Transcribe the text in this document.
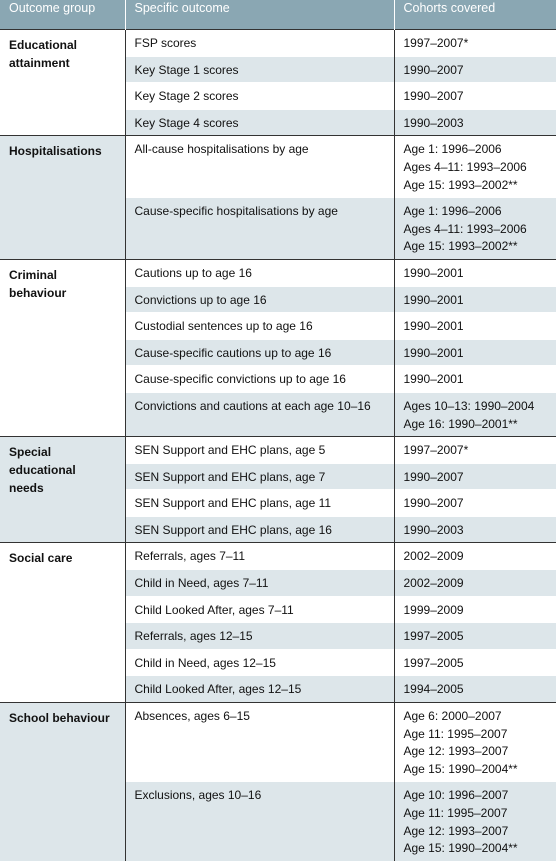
Outcome group	Specific outcome	Cohorts covered

Educational
attainment	FSP scores	1997–2007*

	Key Stage 1 scores	1990–2007

	Key Stage 2 scores	1990–2007

	Key Stage 4 scores	1990–2003

Hospitalisations	All-cause hospitalisations by age	Age 1: 1996–2006
Ages 4–11: 1993–2006
Age 15: 1993–2002**

	Cause-specific hospitalisations by age	Age 1: 1996–2006
Ages 4–11: 1993–2006
Age 15: 1993–2002**

Criminal
behaviour	Cautions up to age 16	1990–2001

	Convictions up to age 16	1990–2001

	Custodial sentences up to age 16	1990–2001

	Cause-specific cautions up to age 16	1990–2001

	Cause-specific convictions up to age 16	1990–2001

	Convictions and cautions at each age 10–16	Ages 10–13: 1990–2004
Age 16: 1990–2001**

Special
educational
needs	SEN Support and EHC plans, age 5	1997–2007*

	SEN Support and EHC plans, age 7	1990–2007

	SEN Support and EHC plans, age 11	1990–2007

	SEN Support and EHC plans, age 16	1990–2003

Social care	Referrals, ages 7–11	2002–2009

	Child in Need, ages 7–11	2002–2009

	Child Looked After, ages 7–11	1999–2009

	Referrals, ages 12–15	1997–2005

	Child in Need, ages 12–15	1997–2005

	Child Looked After, ages 12–15	1994–2005

School behaviour	Absences, ages 6–15	Age 6: 2000–2007
Age 11: 1995–2007
Age 12: 1993–2007
Age 15: 1990–2004**

	Exclusions, ages 10–16	Age 10: 1996–2007
Age 11: 1995–2007
Age 12: 1993–2007
Age 15: 1990–2004**
